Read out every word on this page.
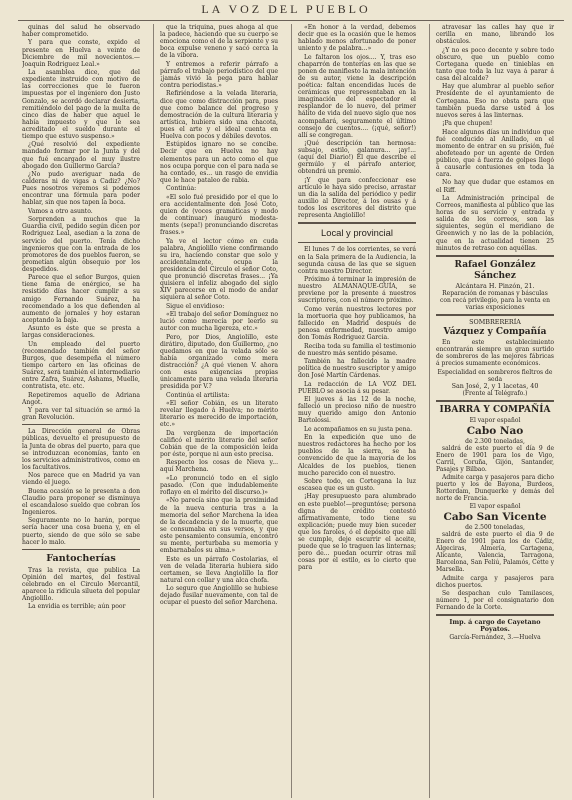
LA VOZ DEL PUEBLO

quinas del salud he observado haber comprometido.

Y para que conste, expido el presente en Huelva a veinte de Diciembre de mil novecientos.—Joaquin Rodriguez Leal.»

La asamblea dice, que del expediente instruido con motivo de las correcciones que le fueron impuestas por el ingeniero don Justo Gonzalo, se acordó declarar desierta, remitiéndolo del pago de la multa de cinco días de haber que aquel le había impuesto y que le sea acreditado el sueldo durante el tiempo que estuvo suspenso.»

¿Qué resolvió del expediente mandado formar por la Junta y del que fué encargado el muy ilustre abogado don Guillermo Garcia?

¿No pudo averiguar nada de calderas ni de vigas a Cadiz? ¿No? Pues nosotros veremos si podemos encontrar una fórmula para poder hablar, sin que nos tapen la boca.

Vamos a otro asunto.

Sorprenden a muchos que la Guardia civil, pedido según dicen por Rodriguez Leal, asedian a la zona de servicio del puerto. Tenía dicho ingenieros que con la entrada de los promotores de dos pueblos fueron, se prometían algún obsequio por los despedidos.

Parece que el señor Burgos, quien tiene fama de enérgico, se ha resistido días hacer cumplir a su amigo Fernando Suárez, ha recomendado a los que defienden al aumento de jornales y hoy estaran aceptando la baja.

Asunto es éste que se presta a largas consideraciones.

Un empleado del puerto (recomendado también del señor Burgos, que desempeña el número tiempo cartero en las oficinas de Suárez, será también el intermediario entre Zafra, Suárez, Ashams, Muelle, contratista, etc. etc.

Repetiremos aquello de Adriana Angot.

Y para ver tal situación se armó la gran Revolución.

La Dirección general de Obras públicas, devuelto el presupuesto de la Junta de obras del puerto, para que se introduzcan economías, tanto en los servicios administrativos, como en los facultativos.

Nos parece que en Madrid ya van viendo el juego.

Buena ocasión se le presenta a don Claudio para proponer se disminuya el escandaloso sueldo que cobran los Ingenieros.

Seguramente no lo harán, porque sería hacer una cosa buena y, en el puerto, siendo de que sólo se sabe hacer lo malo.

Fantocherías

Tras la revista, que publica La Opinión del martes, del festival celebrado en el Circulo Mercantil, aparece la ridicula silueta del popular Angiolillo.

La envidia es terrible; aún poor

que la triquina, pues ahoga al que la padece, haciendo que su cuerpo se emociona como el de la serpiente y su boca expulse veneno y sacó cerca la de la víbora.

Y entremos a referir párrafo a párrafo el trabajo periodístico del que ¡jamás vivió la pega para hablar contra periodistas.»

Refiriéndose a la velada literaria, dice que como distracción para, pues que como balance del progreso y demostración de la cultura literaria y artística, hubiera sido una chacota, pues el arte y el ideal cuenta en Huelva con pocos y débiles devotos.

Estúpidos ignaro no se concibe. Decir que en Huelva no hay elementos para un acto como el que nos ocupa porque con el para nada se ha contado, es... un rasgo de envidia que le hace pataleo de rabia.

Continúa:

«El solo fué presidido por el que lo era accidentalmente don José Coto, quien de (voces gramáticas y modo de continuar) inauguró modesta-ments (sepa!) pronunciando discretas frases.»

Ya ve el lector cómo en cuda palabra, Angiolillo viene confirmando su ira, haciendo constar que solo y accidentalmente, ocupa la presidencia del Circulo el señor Coto, que pronunció discretas frases... ¡Ya quisiera el infeliz abogado del siglo XIV parecerse en el modo de andar siquiera al señor Coto.

Sigue el envidioso:

«El trabajo del señor Domínguez no lució como merecía por leerlo su autor con mucha ligereza, etc.»

Pero, por Dios, Angiolillo, este dirátiro, diputado, don Guillermo, ¿no quedamos en que la velada sólo se había organizado como mera distracción? ¿A qué vienen V. ahora con esas exigencias propias únicamente para una velada literaria presidida por V.?

Continúa el artilista:

«El señor Cobián, es un literato revelar llegado á Huelva; no mérito literario es merecido de importación, etc.»

Da vergüenza de importación calificó el mérito literario del señor Cobián que de la composición leída por éste, porque ni aun esto precisa.

Respecto los cosas de Nieva y... aquí Marchena.

«Lo pronunció todo en el siglo pasado. (Con que indudablemente roflayo en el mérito del discurso.)»

«No parecía sino que la proximidad de la nueva centuria tras a la memoria del señor Marchena la idea de la decadencia y de la muerte, que se consumaba en sus versos, y que este pensamiento consumía, encontró su mente, perturbaba su memoria y embarnabalos su alma.»

Este es un párrafo Costolarias, el ven de velada literaria hubiera sido certamen, se lleva Angiolillo la flor natural con collar y una alca chofa.

Lo seguro que Angiolillo se hubiese dejado fusilar nuevamente, con tal de ocupar el puesto del señor Marchena.

«En honor á la verdad, debemos decir que es la ocasión que le hemos hablado menos afortunado de poner uniento y de palabra...»

Le faltaron los ojos.... Y, tras eso chaparrón de tonterías en las que se ponen de manifiesto la mala intención de su autor, viene la descripción poética: faltan encendidas luces de cerámicas que representaban en la imaginación del espectador el resplandor de lo nuevo, del primer hálito de vida del nuevo siglo que nos acompañará, seguramente el último consejo de cuentos.... (¡qué, señor!) allí se congregan.

¡Qué descripción tan hermosa: subsajo, estilo, galanura... ¡ay!... (aquí del Diario!) El que describe el germúlo y el párrafo anterior, obtendrá un premio.

¡Y que para confeccionar ese artículo le haya sido preciso, arrastar un dia la salida del periódico y pedir auxilio al Director, á los ousas y á todos los escritores del distrito que representa Angiolillo!

Local y provincial

El lunes 7 de los corrientes, se verá en la Sala primera de la Audiencia, la segunda causa de las que se siguen contra nuestro Director.

Próximo á terminar la impresión de nuestro ALMANAQUE-GUÍA, se previene por la presente á nuestros suscriptores, con el número próximo.

Como verán nuestros lectores por la mortuoria que hoy publicamos, ha fallecido en Madrid después de penosa enfermedad, nuestro amigo don Tomás Rodriguez Garcia.

Reciba toda su familia el testimonio de nuestro más sentido pésame.

También ha fallecido la madre política de nuestro suscriptor y amigo don José Martín Cárdenas.

La redacción de LA VOZ DEL PUEBLO se asocia á su pesar.

El jueves á las 12 de la noche, falleció un precioso niño de nuestro muy querido amigo don Antonio Bartolossi.

Le acompañamos en su justa pena.

En la expedición que uno de nuestros redactores ha hecho por los pueblos de la sierra, se ha convencido de que la mayoria de los Alcaldes de los pueblos, tienen mucho parecido con el nuestro.

Sobre todo, en Cortegana la luz escasea que es un gusto.

¡Hay presupuesto para alumbrado en este pueblo!—preguntóse; persona digna de crédito contestó afirmativamente, todo tiene su explicación; puede muy bien suceder que los faroles, ó el depósito que allí se cumple, deje escurrir el aceite, puede que se lo traguen las linternas; pero de... puedan ocurrir otras mil cosas por el estilo, es lo cierto que para

atravesar las calles hay que ir cerilla en mano, librando los obstáculos.

¿Y no es poco decente y sobre todo obscuro, que un pueblo como Cortegana quede en tinieblas en tanto que toda la luz vaya á parar á casa del alcalde?

Hay que alumbrar al pueblo señor Presidente de el ayuntamiento de Cortegana. Eso no obsta para que también pueda darse usted á los nuevos seres á las linternas.

¡Pa que chupen!

Hace algunos días un individuo que fué conducido al Anillado, en el momento de entrar en su prisión, fué abofeteado por un agente de Orden público, que á fuerza de golpes llegó á causarle contusiones en toda la cara.

No hay que dudar que estamos en el Riff.

La Administración principal de Correos, manifiesta al público que las horas de su servicio y entrada y salida de los correos, son las siguientes, según el meridiano de Greenwich y no las de la población, que en la actualidad tienen 25 minutos de retraso con aquéllas.

Rafael González Sánchez
Alcántara H. Pinzón, 21.
Reparación de romanas y básculas con recá privilegio, para la venta en varias exposiciones
SOMBRERERÍA
Vázquez y Compañía

En este establecimiento encontrarán siempre un gran surtido de sombreros de las mejores fábricas á precios sumamente económicos.

Especialidad en sombreros fieltros de seda
San José, 2, y 1 lacetas, 40
(Frente al Telégrafo.)
IBARRA Y COMPAÑÍA
El vapor español
Cabo Nao
de 2.300 toneladas,

saldrá de este puerto el día 9 de Enero de 1901 para los de Vigo, Carril, Coruña, Gijón, Santander, Pasajes y Bilbao.

Admite carga y pasajeros para dicho puerto y los de Bayona, Burdeos, Rotterdam, Dunquerke y demás del norte de Francia.

El vapor español
Cabo San Vicente
de 2.500 toneladas,

saldrá de este puerto el dia 9 de Enero de 1901 para los de Cádiz, Algeciras, Almería, Cartagena, Alicante, Valencia, Tarragona, Barcelona, San Feliú, Palamós, Cette y Marsella.

Admite carga y pasajeros para dichos puertos.

Se despachan culo Tamilasces, número 1, por el consignatario don Fernando de la Corte.

Imp. á cargo de Cayetano Poyatos.
García-Fernández, 3.—Huelva
